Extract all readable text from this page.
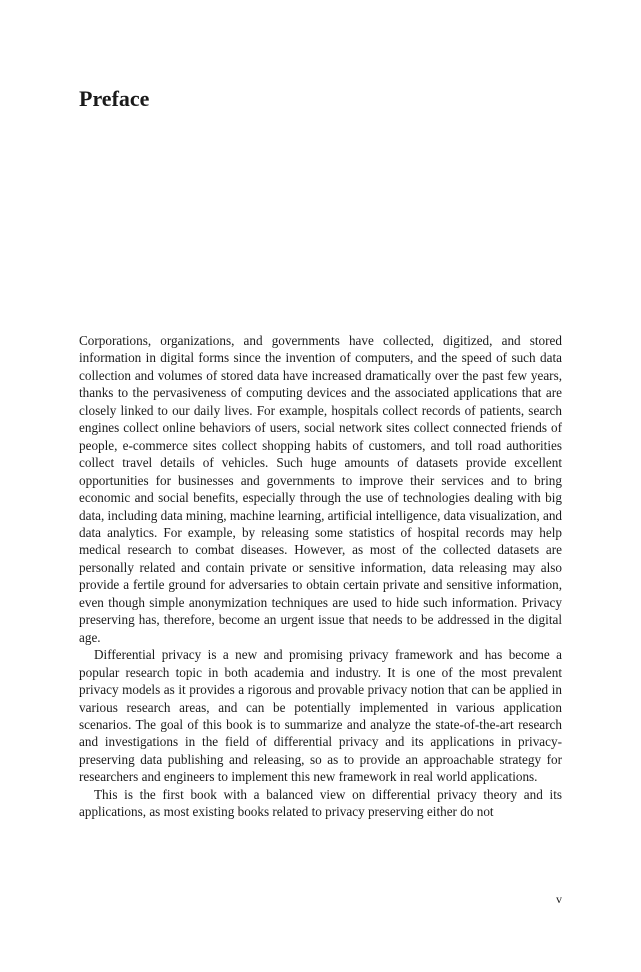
Preface

Corporations, organizations, and governments have collected, digitized, and stored information in digital forms since the invention of computers, and the speed of such data collection and volumes of stored data have increased dramatically over the past few years, thanks to the pervasiveness of computing devices and the associated applications that are closely linked to our daily lives. For example, hospitals collect records of patients, search engines collect online behaviors of users, social network sites collect connected friends of people, e-commerce sites collect shopping habits of customers, and toll road authorities collect travel details of vehicles. Such huge amounts of datasets provide excellent opportunities for businesses and governments to improve their services and to bring economic and social benefits, especially through the use of technologies dealing with big data, including data mining, machine learning, artificial intelligence, data visualization, and data analytics. For example, by releasing some statistics of hospital records may help medical research to combat diseases. However, as most of the collected datasets are personally related and contain private or sensitive information, data releasing may also provide a fertile ground for adversaries to obtain certain private and sensitive information, even though simple anonymization techniques are used to hide such information. Privacy preserving has, therefore, become an urgent issue that needs to be addressed in the digital age.

Differential privacy is a new and promising privacy framework and has become a popular research topic in both academia and industry. It is one of the most prevalent privacy models as it provides a rigorous and provable privacy notion that can be applied in various research areas, and can be potentially implemented in various application scenarios. The goal of this book is to summarize and analyze the state-of-the-art research and investigations in the field of differential privacy and its applications in privacy-preserving data publishing and releasing, so as to provide an approachable strategy for researchers and engineers to implement this new framework in real world applications.

This is the first book with a balanced view on differential privacy theory and its applications, as most existing books related to privacy preserving either do not

v
